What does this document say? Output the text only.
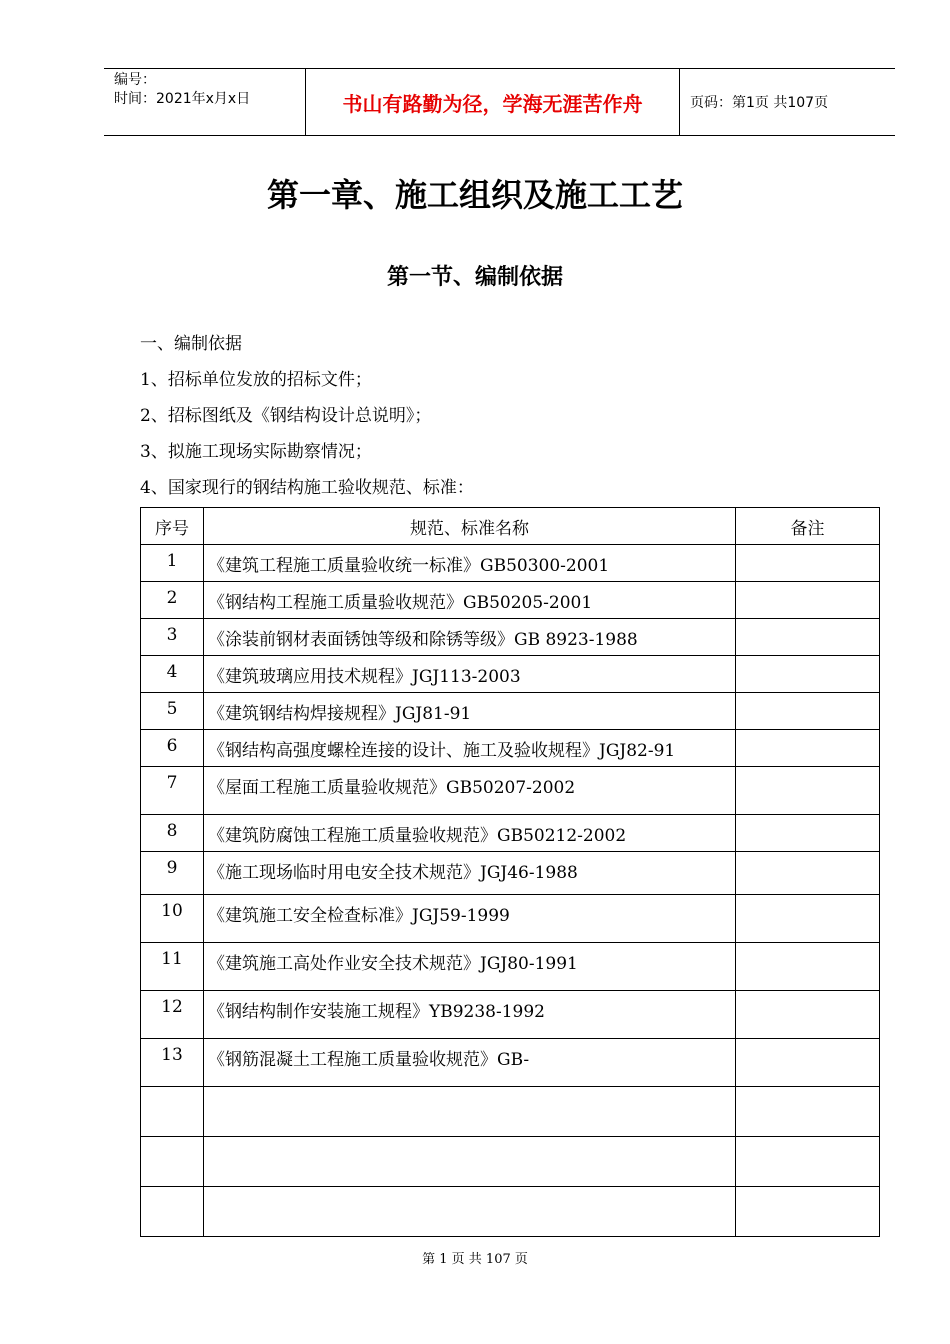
编号：
时间：2021年x月x日	书山有路勤为径，学海无涯苦作舟	页码：第1页 共107页
第一章、施工组织及施工工艺
第一节、编制依据
一、编制依据
1、招标单位发放的招标文件；
2、招标图纸及《钢结构设计总说明》；
3、拟施工现场实际勘察情况；
4、国家现行的钢结构施工验收规范、标准：
序号	规范、标准名称	备注
1	《建筑工程施工质量验收统一标准》GB50300-2001	
2	《钢结构工程施工质量验收规范》GB50205-2001	
3	《涂装前钢材表面锈蚀等级和除锈等级》GB 8923-1988	
4	《建筑玻璃应用技术规程》JGJ113-2003	
5	《建筑钢结构焊接规程》JGJ81-91	
6	《钢结构高强度螺栓连接的设计、施工及验收规程》JGJ82-91	
7	《屋面工程施工质量验收规范》GB50207-2002	
8	《建筑防腐蚀工程施工质量验收规范》GB50212-2002	
9	《施工现场临时用电安全技术规范》JGJ46-1988	
10	《建筑施工安全检查标准》JGJ59-1999	
11	《建筑施工高处作业安全技术规范》JGJ80-1991	
12	《钢结构制作安装施工规程》YB9238-1992	
13	《钢筋混凝土工程施工质量验收规范》GB-	

第 1 页 共 107 页
